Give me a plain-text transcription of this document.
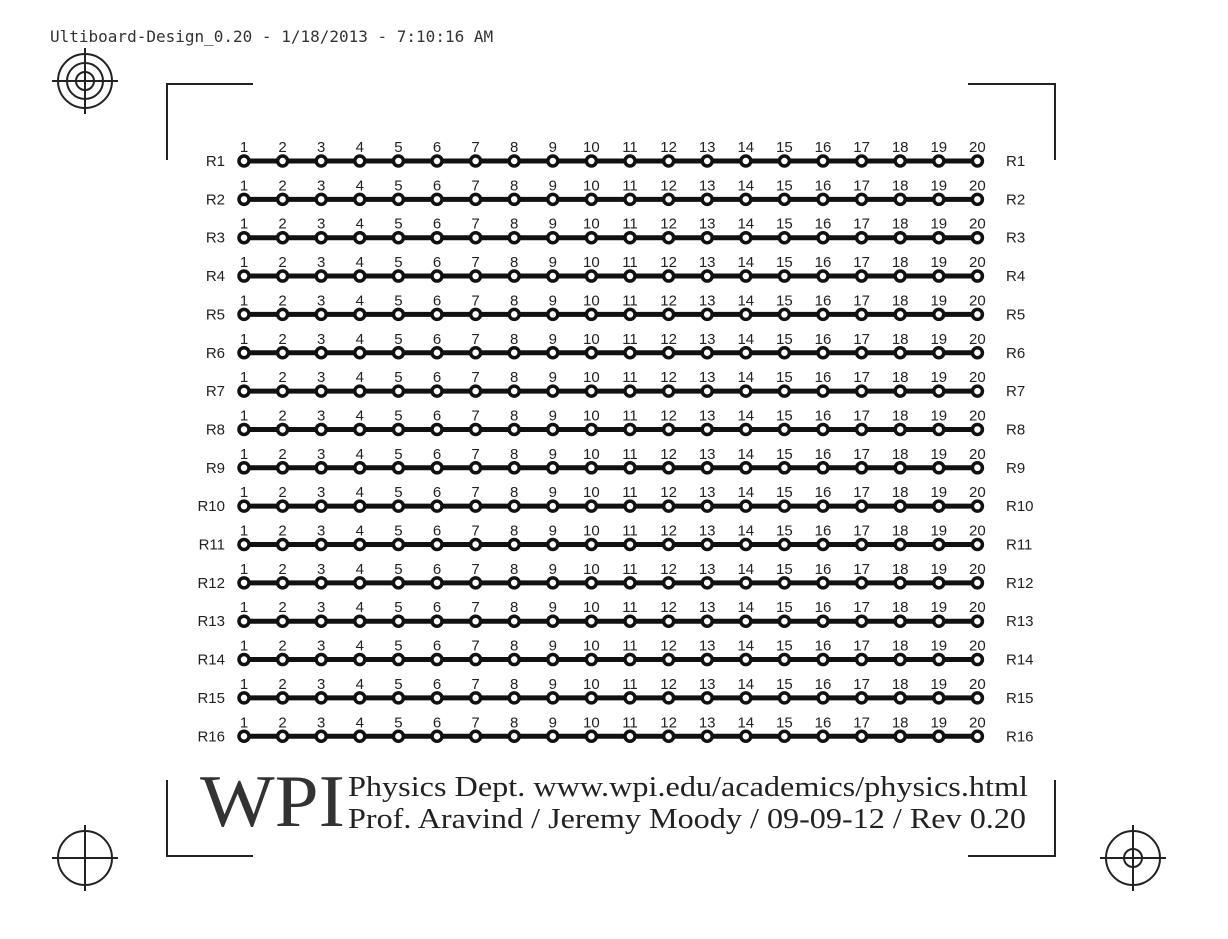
Ultiboard-Design_0.20 - 1/18/2013 - 7:10:16 AM
R1	R1
1 2 3 4 5 6 7 8 9 10 11 12 13 14 15 16 17 18 19 20
R2	R2
1 2 3 4 5 6 7 8 9 10 11 12 13 14 15 16 17 18 19 20
R3	R3
1 2 3 4 5 6 7 8 9 10 11 12 13 14 15 16 17 18 19 20
R4	R4
1 2 3 4 5 6 7 8 9 10 11 12 13 14 15 16 17 18 19 20
R5	R5
1 2 3 4 5 6 7 8 9 10 11 12 13 14 15 16 17 18 19 20
R6	R6
1 2 3 4 5 6 7 8 9 10 11 12 13 14 15 16 17 18 19 20
R7	R7
1 2 3 4 5 6 7 8 9 10 11 12 13 14 15 16 17 18 19 20
R8	R8
1 2 3 4 5 6 7 8 9 10 11 12 13 14 15 16 17 18 19 20
R9	R9
1 2 3 4 5 6 7 8 9 10 11 12 13 14 15 16 17 18 19 20
R10	R10
1 2 3 4 5 6 7 8 9 10 11 12 13 14 15 16 17 18 19 20
R11	R11
1 2 3 4 5 6 7 8 9 10 11 12 13 14 15 16 17 18 19 20
R12	R12
1 2 3 4 5 6 7 8 9 10 11 12 13 14 15 16 17 18 19 20
R13	R13
1 2 3 4 5 6 7 8 9 10 11 12 13 14 15 16 17 18 19 20
R14	R14
1 2 3 4 5 6 7 8 9 10 11 12 13 14 15 16 17 18 19 20
R15	R15
1 2 3 4 5 6 7 8 9 10 11 12 13 14 15 16 17 18 19 20
R16	R16
1 2 3 4 5 6 7 8 9 10 11 12 13 14 15 16 17 18 19 20
WPI Physics Dept. www.wpi.edu/academics/physics.html
Prof. Aravind / Jeremy Moody / 09-09-12 / Rev 0.20
